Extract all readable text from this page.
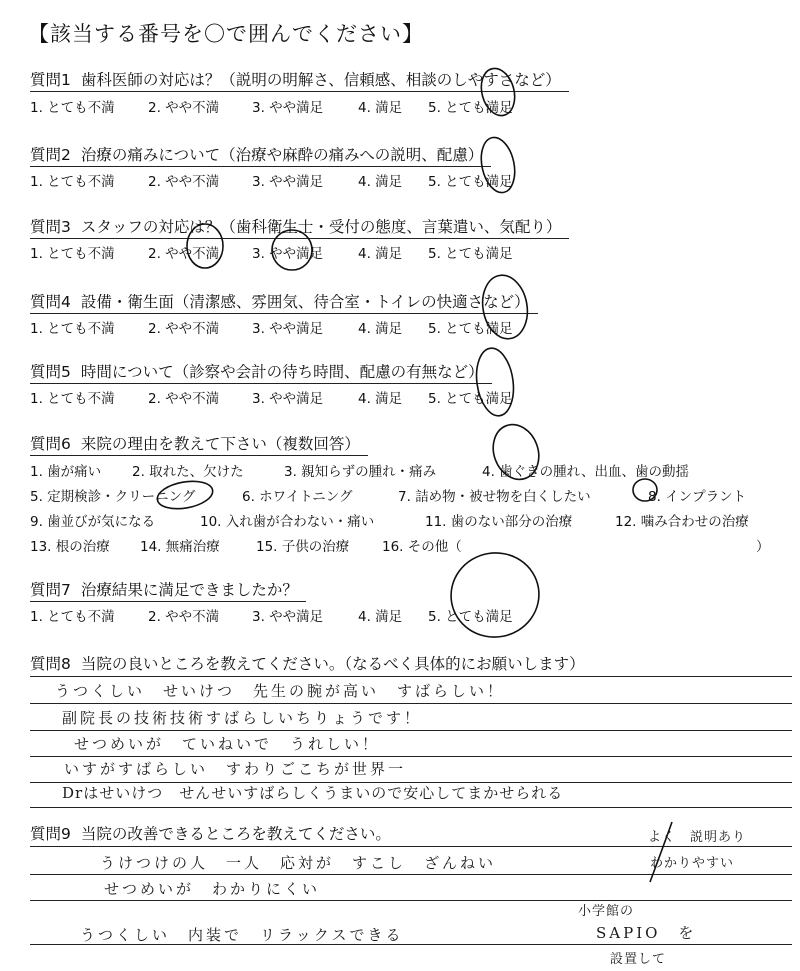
【該当する番号を〇で囲んでください】
質問1 歯科医師の対応は？（説明の明解さ、信頼感、相談のしやすさなど）
1. とても不満 2. やや不満 3. やや満足	4. 満足 5. とても満足
質問2 治療の痛みについて（治療や麻酔の痛みへの説明、配慮）
1. とても不満 2. やや不満 3. やや満足	4. 満足 5. とても満足
質問3 スタッフの対応は？（歯科衛生士・受付の態度、言葉遣い、気配り）
1. とても不満 2. やや不満 3. やや満足	4. 満足 5. とても満足
質問4 設備・衛生面（清潔感、雰囲気、待合室・トイレの快適さなど）
1. とても不満 2. やや不満 3. やや満足	4. 満足 5. とても満足
質問5 時間について（診察や会計の待ち時間、配慮の有無など）
1. とても不満 2. やや不満 3. やや満足	4. 満足 5. とても満足
質問6 来院の理由を教えて下さい（複数回答）
1. 歯が痛い 2. 取れた、欠けた	3. 親知らずの腫れ・痛み	4. 歯ぐきの腫れ、出血、歯の動揺
5. 定期検診・クリーニング	6. ホワイトニング	7. 詰め物・被せ物を白くしたい	8. インプラント
9. 歯並びが気になる	10. 入れ歯が合わない・痛い	11. 歯のない部分の治療	12. 噛み合わせの治療
13. 根の治療 14. 無痛治療	15. 子供の治療 16. その他（	）
質問7 治療結果に満足できましたか？
1. とても不満 2. やや不満 3. やや満足	4. 満足 5. とても満足
質問8 当院の良いところを教えてください。（なるべく具体的にお願いします）
うつくしい　せいけつ　先生の腕が高い　すばらしい！
副院長の技術技術すばらしいちりょうです！
せつめいが　ていねいで　うれしい！
いすがすばらしい　すわりごこちが世界一
Drはせいけつ　せんせいすばらしくうまいので安心してまかせられる
質問9 当院の改善できるところを教えてください。
うけつけの人　一人　応対が　すこし　ざんねい
せつめいが　わかりにくい
うつくしい　内装で　リラックスできる
よく　説明あり
わかりやすい
小学館の
SAPIO　を
設置して
